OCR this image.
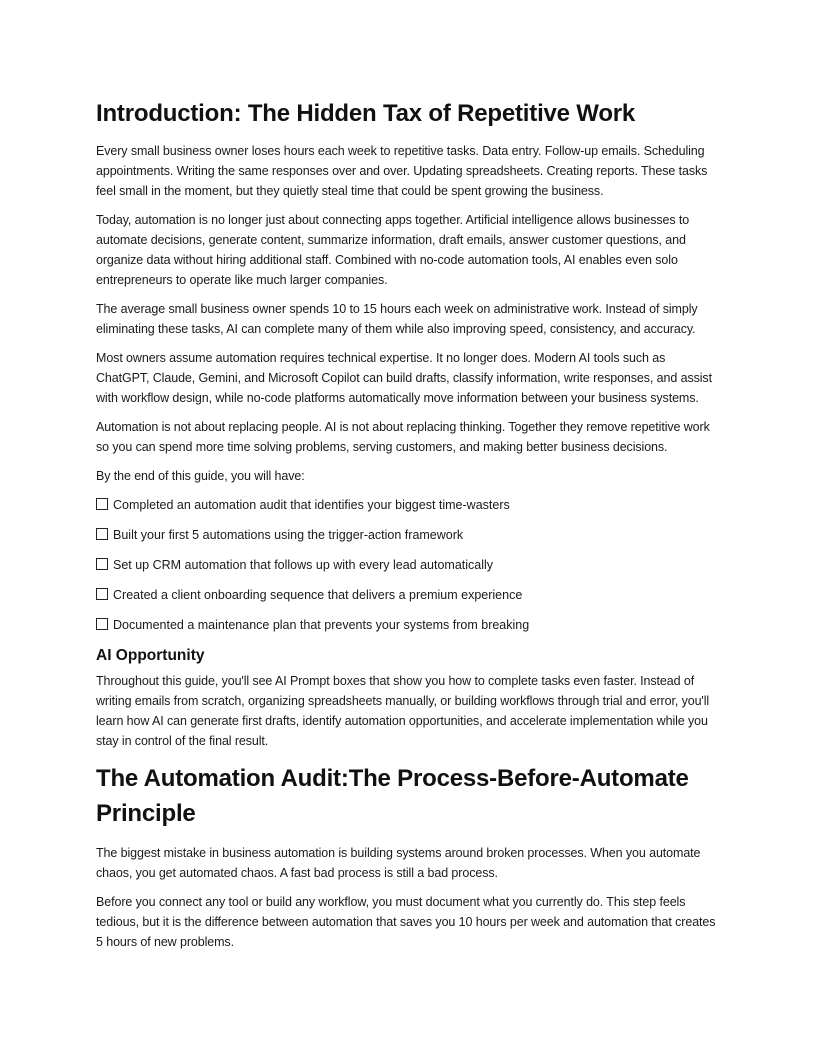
Introduction: The Hidden Tax of Repetitive Work

Every small business owner loses hours each week to repetitive tasks. Data entry. Follow-up emails. Scheduling appointments. Writing the same responses over and over. Updating spreadsheets. Creating reports. These tasks feel small in the moment, but they quietly steal time that could be spent growing the business.

Today, automation is no longer just about connecting apps together. Artificial intelligence allows businesses to automate decisions, generate content, summarize information, draft emails, answer customer questions, and organize data without hiring additional staff. Combined with no-code automation tools, AI enables even solo entrepreneurs to operate like much larger companies.

The average small business owner spends 10 to 15 hours each week on administrative work. Instead of simply eliminating these tasks, AI can complete many of them while also improving speed, consistency, and accuracy.

Most owners assume automation requires technical expertise. It no longer does. Modern AI tools such as ChatGPT, Claude, Gemini, and Microsoft Copilot can build drafts, classify information, write responses, and assist with workflow design, while no-code platforms automatically move information between your business systems.

Automation is not about replacing people. AI is not about replacing thinking. Together they remove repetitive work so you can spend more time solving problems, serving customers, and making better business decisions.

By the end of this guide, you will have:

Completed an automation audit that identifies your biggest time-wasters
Built your first 5 automations using the trigger-action framework
Set up CRM automation that follows up with every lead automatically
Created a client onboarding sequence that delivers a premium experience
Documented a maintenance plan that prevents your systems from breaking
AI Opportunity

Throughout this guide, you'll see AI Prompt boxes that show you how to complete tasks even faster. Instead of writing emails from scratch, organizing spreadsheets manually, or building workflows through trial and error, you'll learn how AI can generate first drafts, identify automation opportunities, and accelerate implementation while you stay in control of the final result.

The Automation Audit:The Process-Before-Automate Principle

The biggest mistake in business automation is building systems around broken processes. When you automate chaos, you get automated chaos. A fast bad process is still a bad process.

Before you connect any tool or build any workflow, you must document what you currently do. This step feels tedious, but it is the difference between automation that saves you 10 hours per week and automation that creates 5 hours of new problems.
